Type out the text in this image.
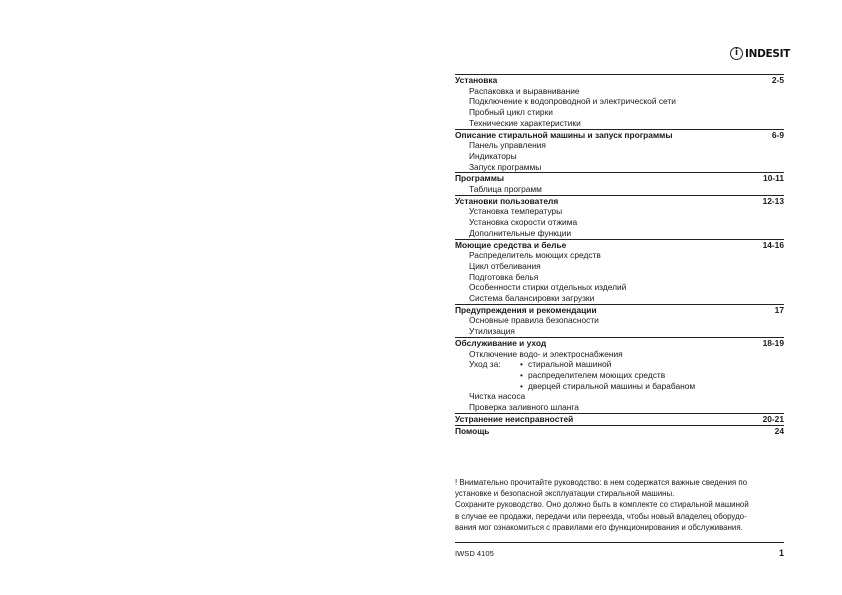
i INDESIT
Установка	2-5
Распаковка и выравнивание
Подключение к водопроводной и электрической сети
Пробный цикл стирки
Технические характеристики
Описание стиральной машины и запуск программы	6-9
Панель управления
Индикаторы
Запуск программы
Программы	10-11
Таблица программ
Установки пользователя	12-13
Установка температуры
Установка скорости отжима
Дополнительные функции
Моющие средства и белье	14-16
Распределитель моющих средств
Цикл отбеливания
Подготовка белья
Особенности стирки отдельных изделий
Система балансировки загрузки
Предупреждения и рекомендации	17
Основные правила безопасности
Утилизация
Обслуживание и уход	18-19
Отключение водо- и электроснабжения
Уход за:	• стиральной машиной
• распределителем моющих средств
• дверцей стиральной машины и барабаном
Чистка насоса
Проверка заливного шланга
Устранение неисправностей	20-21
Помощь	24

! Внимательно прочитайте руководство: в нем содержатся важные сведения по

установке и безопасной эксплуатации стиральной машины.

Сохраните руководство. Оно должно быть в комплекте со стиральной машиной

в случае ее продажи, передачи или переезда, чтобы новый владелец оборудо-

вания мог ознакомиться с правилами его функционирования и обслуживания.

IWSD 4105	1
